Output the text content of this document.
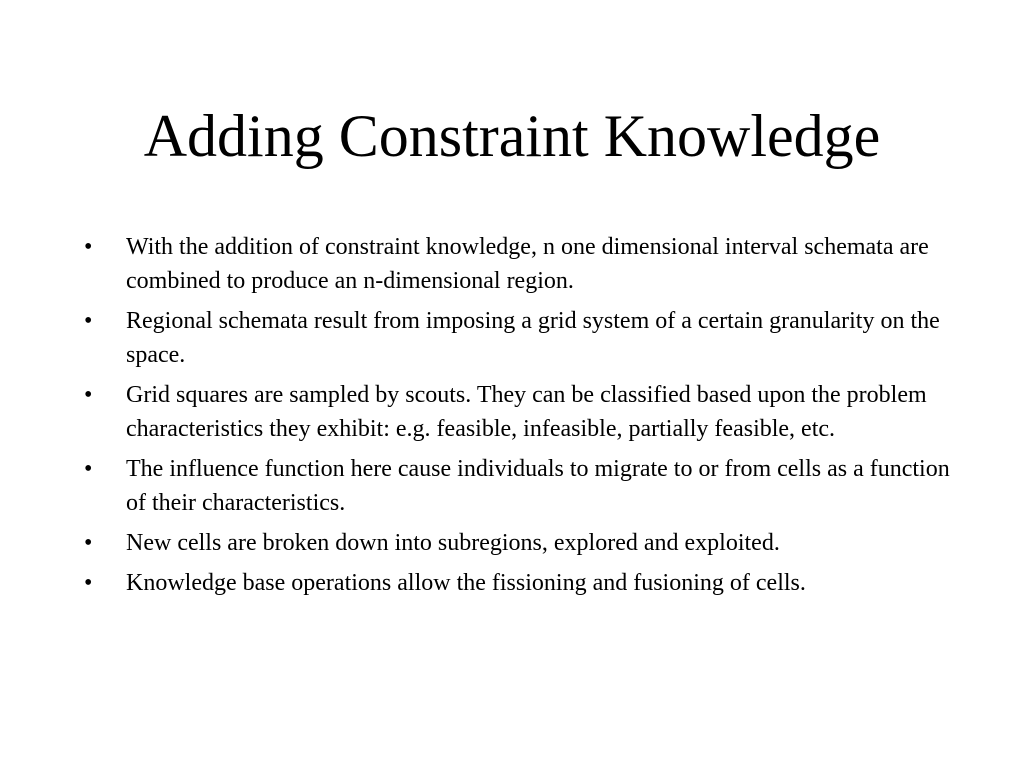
Adding Constraint Knowledge
•	With the addition of constraint knowledge, n one dimensional interval schemata are combined to produce an n-dimensional region.
•	Regional schemata result from imposing a grid system of a certain granularity on the space.
•	Grid squares are sampled by scouts. They can be classified based upon the problem characteristics they exhibit: e.g. feasible, infeasible, partially feasible, etc.
•	The influence function here cause individuals to migrate to or from cells as a function of their characteristics.
•	New cells are broken down into subregions, explored and exploited.
•	Knowledge base operations allow the fissioning and fusioning of cells.
